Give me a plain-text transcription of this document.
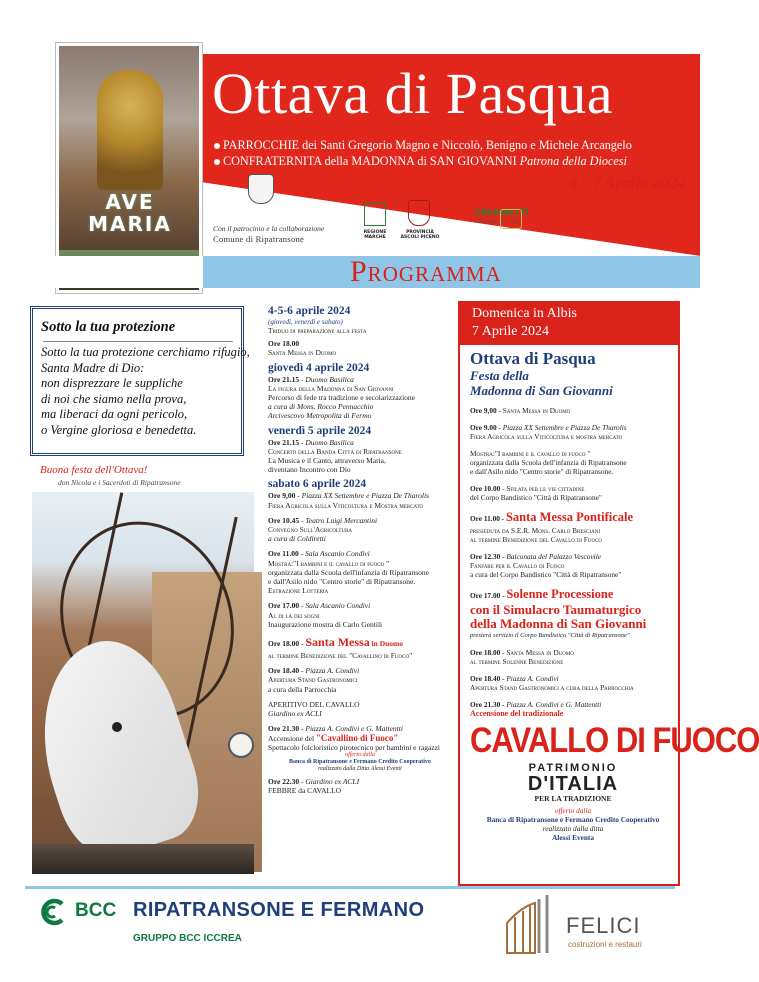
Ottava di Pasqua
PARROCCHIE dei Santi Gregorio Magno e Niccolò, Benigno e Michele Arcangelo
CONFRATERNITA della MADONNA di SAN GIOVANNI Patrona della Diocesi
4 - 7 Aprile 2024
AVE
MARIA	Con il patrocinio e la collaborazione
Comune di Ripatransone
REGIONE MARCHE
PROVINCIA ASCOLI PICENO
COLDIRETTI
PORTAMONE DEL FARE
Programma
Sotto la tua protezione
Sotto la tua protezione cerchiamo rifugio,
Santa Madre di Dio:
non disprezzare le suppliche
di noi che siamo nella prova,
ma liberaci da ogni pericolo,
o Vergine gloriosa e benedetta.
Buona festa dell'Ottava!
don Nicola e i Sacerdoti di Ripatransone
4-5-6 aprile 2024
(giovedì, venerdì e sabato)
Triduo di preparazione alla festa
Ore 18.00
Santa Messa in Duomo
giovedì 4 aprile 2024
Ore 21.15 - Duomo Basilica
La figura della Madonna di San Giovanni
Percorso di fede tra tradizione e secolarizzazione
a cura di Mons. Rocco Pennacchio
Arcivescovo Metropolita di Fermo
venerdì 5 aprile 2024
Ore 21.15 - Duomo Basilica
Concerto della Banda Città di Ripatransone
La Musica e il Canto, attraverso Maria,
diventano Incontro con Dio
sabato 6 aprile 2024
Ore 9,00 - Piazza XX Settembre e Piazza De Tharolis
Fiera Agricola sulla Viticoltura e Mostra mercato
Ore 10.45 - Teatro Luigi Mercantini
Convegno Sull'Agricoltura
a cura di Coldiretti
Ore 11.00 - Sala Ascanio Condivi
Mostra:"I bambini e il cavallo di fuoco "
organizzata dalla Scuola dell'infanzia di Ripatransone
e dall'Asilo nido "Centro storie" di Ripatransone.
Estrazione Lotteria
Ore 17.00 - Sala Ascanio Condivi
Al di là dei sogni
Inaugurazione mostra di Carlo Gentili
Ore 18.00 - Santa Messa in Duomo
al termine Benedizione del "Cavallino di Fuoco"
Ore 18.40 - Piazza A. Condivi
Apertura Stand Gastronomici
a cura della Parrocchia
APERITIVO DEL CAVALLO
Giardino ex ACLI
Ore 21.30 - Piazza A. Condivi e G. Mattentti
Accensione del "Cavallino di Fuoco"
Spettacolo folcloristico pirotecnico per bambini e ragazzi
offerto dalla
Banca di Ripatransone e Fermano Credito Cooperativo
realizzato dalla Ditta Alessi Eventi
Ore 22.30 - Giardino ex ACLI
FEBBRE da CAVALLO
Domenica in Albis
7 Aprile 2024
Ottava di Pasqua
Festa della
Madonna di San Giovanni
Ore 9,00 - Santa Messa in Duomo
Ore 9.00 - Piazza XX Settembre e Piazza De Tharolis
Fiera Agricola sulla Viticoltura e mostra mercato
Mostra:"I bambini e il cavallo di fuoco "
organizzata dalla Scuola dell'infanzia di Ripatransone
e dall'Asilo nido "Centro storie" di Ripatransone.
Ore 10.00 - Sfilata per le vie cittadine
del Corpo Bandistico "Città di Ripatransone"
Ore 11.00 - Santa Messa Pontificale
presieduta da S.E.R. Mons. Carlo Bresciani
al termine Benedizione del Cavallo di Fuoco
Ore 12.30 - Balconata del Palazzo Vescovile
Fanfare per il Cavallo di Fuoco
a cura del Corpo Bandistico "Città di Ripatransone"
Ore 17.00 - Solenne Processione
con il Simulacro Taumaturgico
della Madonna di San Giovanni
presterà servizio il Corpo Bandistico "Città di Ripatransone"
Ore 18.00 - Santa Messa in Duomo
al termine Solenne Benedizione
Ore 18.40 - Piazza A. Condivi
Apertura Stand Gastronomici a cura della Parrocchia
Ore 21.30 - Piazza A. Condivi e G. Mattentti
Accensione del tradizionale
CAVALLO DI FUOCO
PATRIMONIO
D'ITALIA
PER LA TRADIZIONE
offerto dalla
Banca di Ripatransone e Fermano Credito Cooperativo
realizzato dalla ditta
Alessi Eventa
BCC RIPATRANSONE E FERMANO
GRUPPO BCC ICCREA
FELICI
costruzioni e restauri
